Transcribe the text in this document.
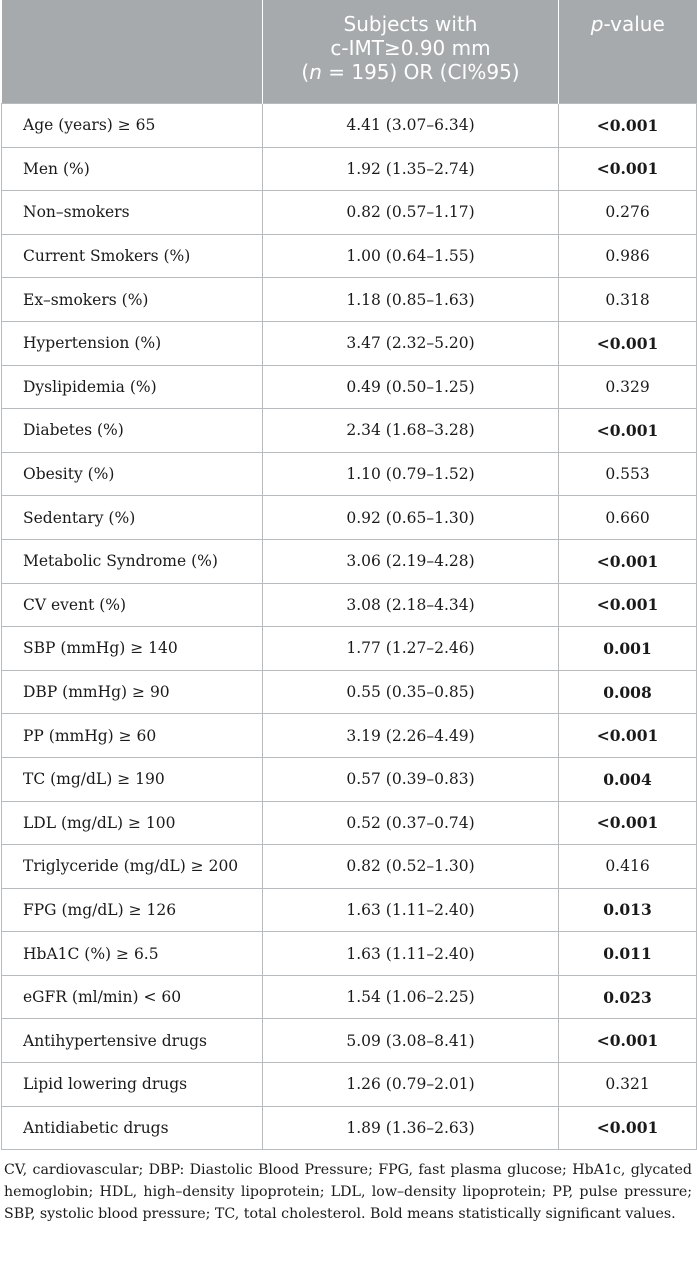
	Subjects with
c-IMT≥0.90 mm
(n = 195) OR (CI%95)	p-value

Age (years) ≥ 65	4.41 (3.07–6.34)	<0.001
Men (%)	1.92 (1.35–2.74)	<0.001
Non–smokers	0.82 (0.57–1.17)	0.276
Current Smokers (%)	1.00 (0.64–1.55)	0.986
Ex–smokers (%)	1.18 (0.85–1.63)	0.318
Hypertension (%)	3.47 (2.32–5.20)	<0.001
Dyslipidemia (%)	0.49 (0.50–1.25)	0.329
Diabetes (%)	2.34 (1.68–3.28)	<0.001
Obesity (%)	1.10 (0.79–1.52)	0.553
Sedentary (%)	0.92 (0.65–1.30)	0.660
Metabolic Syndrome (%)	3.06 (2.19–4.28)	<0.001
CV event (%)	3.08 (2.18–4.34)	<0.001
SBP (mmHg) ≥ 140	1.77 (1.27–2.46)	0.001
DBP (mmHg) ≥ 90	0.55 (0.35–0.85)	0.008
PP (mmHg) ≥ 60	3.19 (2.26–4.49)	<0.001
TC (mg/dL) ≥ 190	0.57 (0.39–0.83)	0.004
LDL (mg/dL) ≥ 100	0.52 (0.37–0.74)	<0.001
Triglyceride (mg/dL) ≥ 200	0.82 (0.52–1.30)	0.416
FPG (mg/dL) ≥ 126	1.63 (1.11–2.40)	0.013
HbA1C (%) ≥ 6.5	1.63 (1.11–2.40)	0.011
eGFR (ml/min) < 60	1.54 (1.06–2.25)	0.023
Antihypertensive drugs	5.09 (3.08–8.41)	<0.001
Lipid lowering drugs	1.26 (0.79–2.01)	0.321
Antidiabetic drugs	1.89 (1.36–2.63)	<0.001
CV, cardiovascular; DBP: Diastolic Blood Pressure; FPG, fast plasma glucose; HbA1c, glycated hemoglobin; HDL, high–density lipoprotein; LDL, low–density lipoprotein; PP, pulse pressure; SBP, systolic blood pressure; TC, total cholesterol. Bold means statistically significant values.
